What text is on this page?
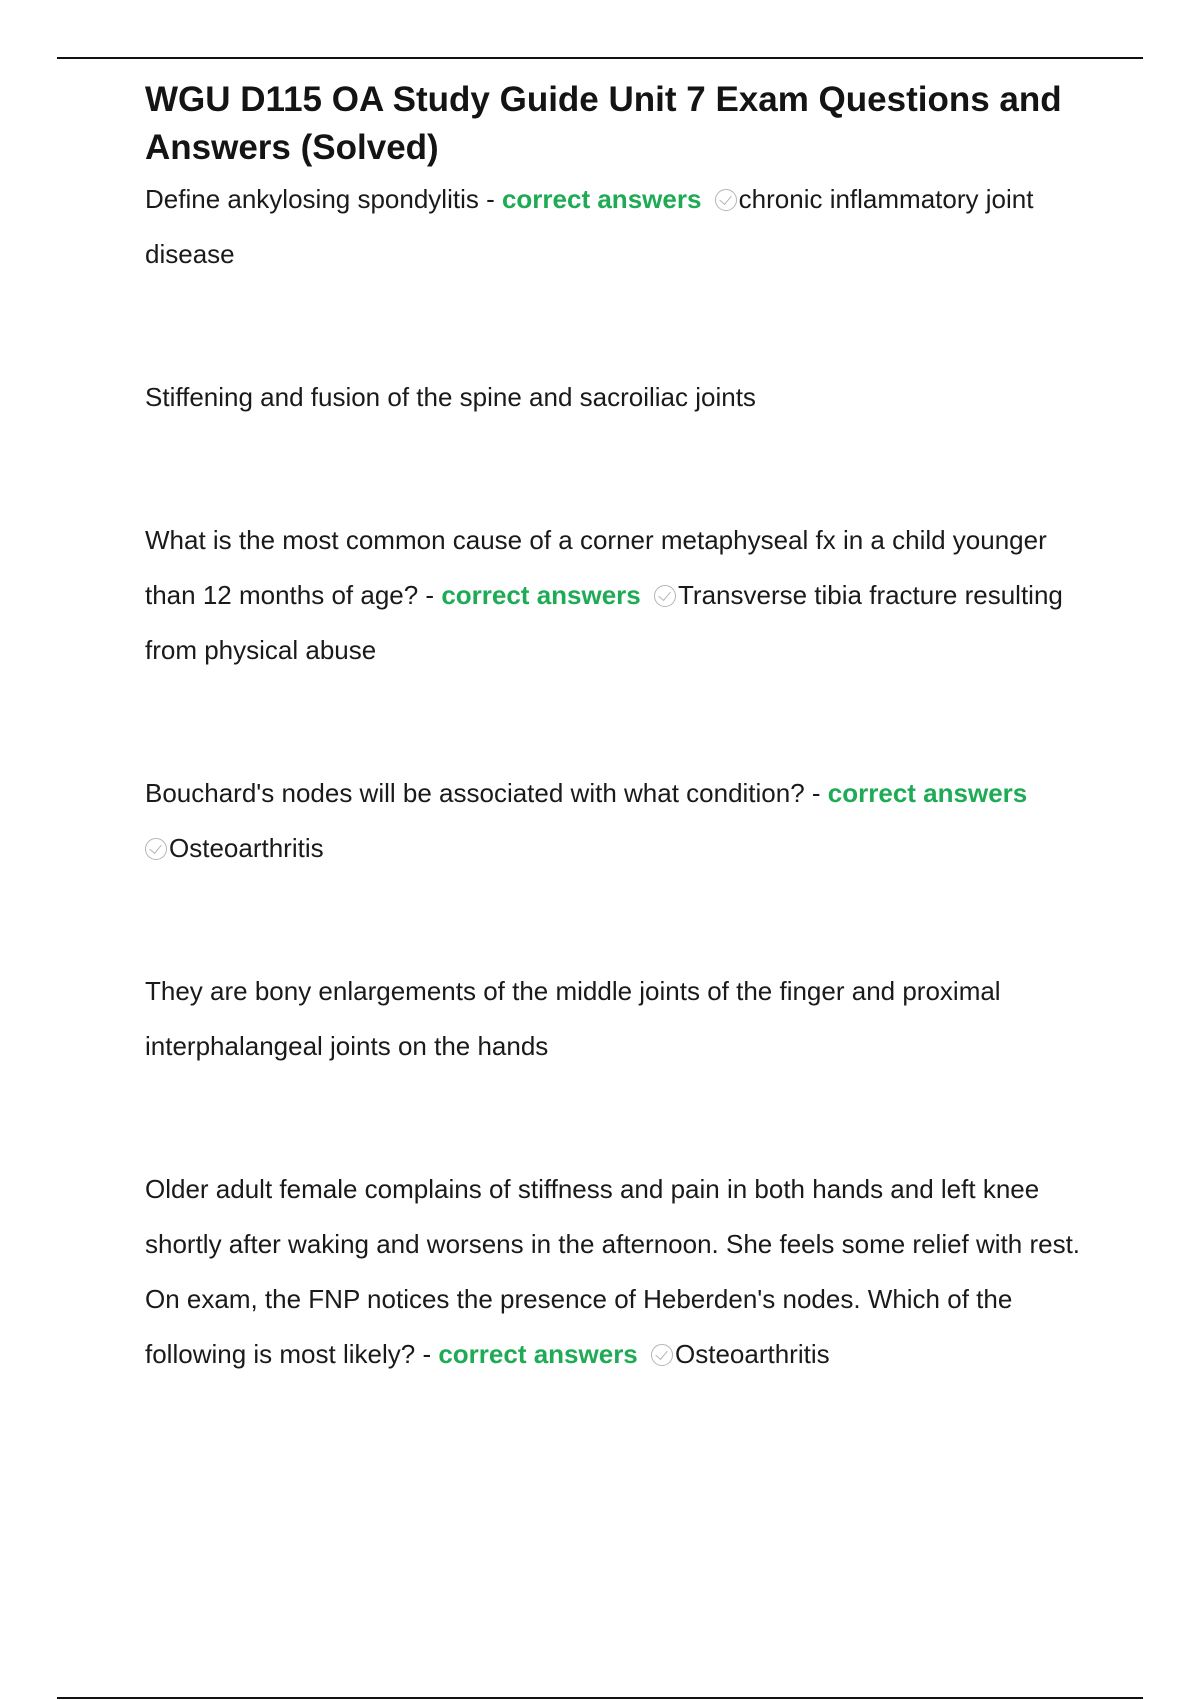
WGU D115 OA Study Guide Unit 7 Exam Questions and Answers (Solved)

Define ankylosing spondylitis - correct answers chronic inflammatory joint disease

Stiffening and fusion of the spine and sacroiliac joints

What is the most common cause of a corner metaphyseal fx in a child younger than 12 months of age? - correct answers Transverse tibia fracture resulting from physical abuse

Bouchard's nodes will be associated with what condition? - correct answers
Osteoarthritis

They are bony enlargements of the middle joints of the finger and proximal interphalangeal joints on the hands

Older adult female complains of stiffness and pain in both hands and left knee shortly after waking and worsens in the afternoon. She feels some relief with rest. On exam, the FNP notices the presence of Heberden's nodes. Which of the following is most likely? - correct answers Osteoarthritis
